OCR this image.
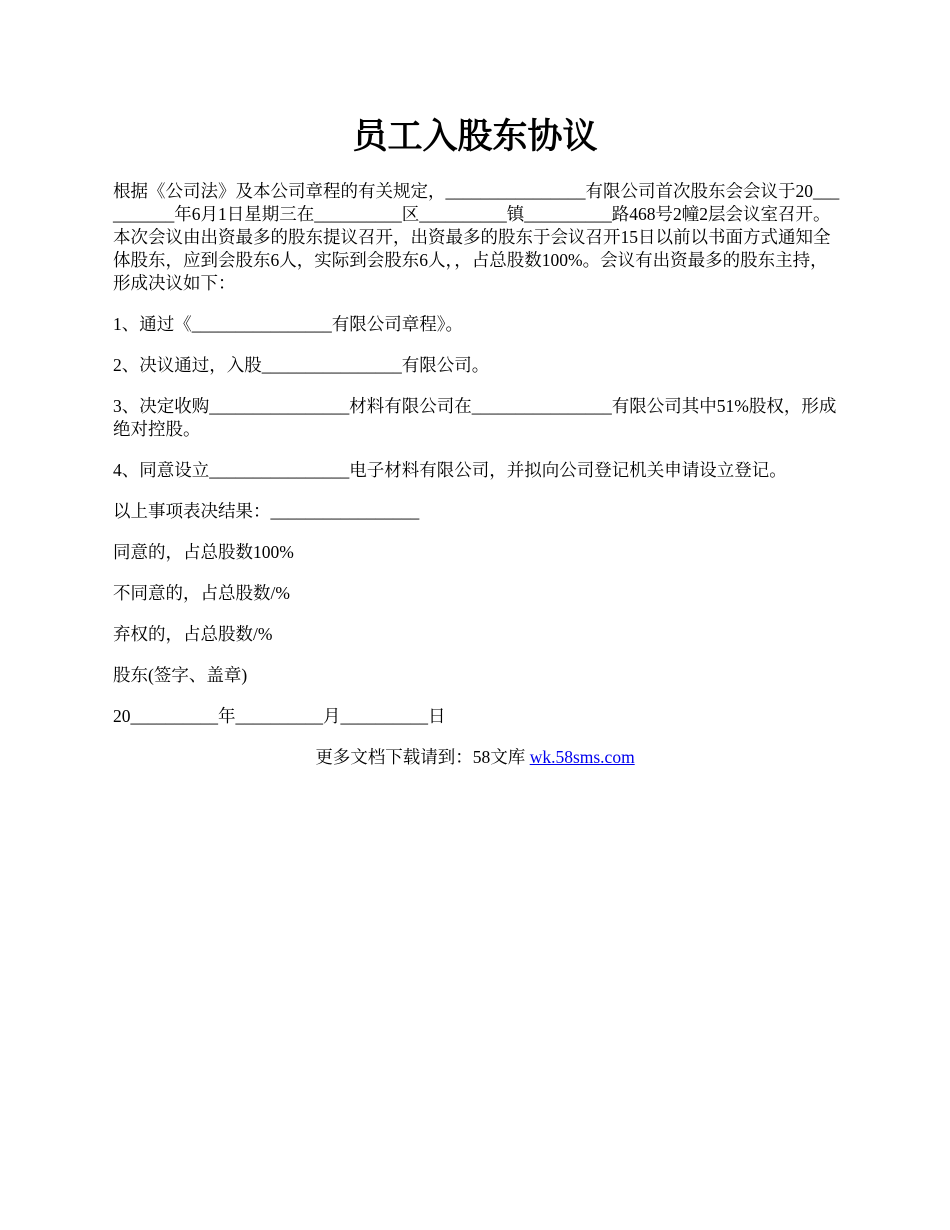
员工入股东协议

根据《公司法》及本公司章程的有关规定，________________有限公司首次股东会会议于20__________年6月1日星期三在__________区__________镇__________路468号2幢2层会议室召开。本次会议由出资最多的股东提议召开，出资最多的股东于会议召开15日以前以书面方式通知全体股东，应到会股东6人，实际到会股东6人，，占总股数100%。会议有出资最多的股东主持，形成决议如下：

1、通过《________________有限公司章程》。

2、决议通过，入股________________有限公司。

3、决定收购________________材料有限公司在________________有限公司其中51%股权，形成绝对控股。

4、同意设立________________电子材料有限公司，并拟向公司登记机关申请设立登记。

以上事项表决结果：_________________

同意的，占总股数100%

不同意的，占总股数/%

弃权的，占总股数/%

股东(签字、盖章)

20__________年__________月__________日

更多文档下载请到：58文库 wk.58sms.com
